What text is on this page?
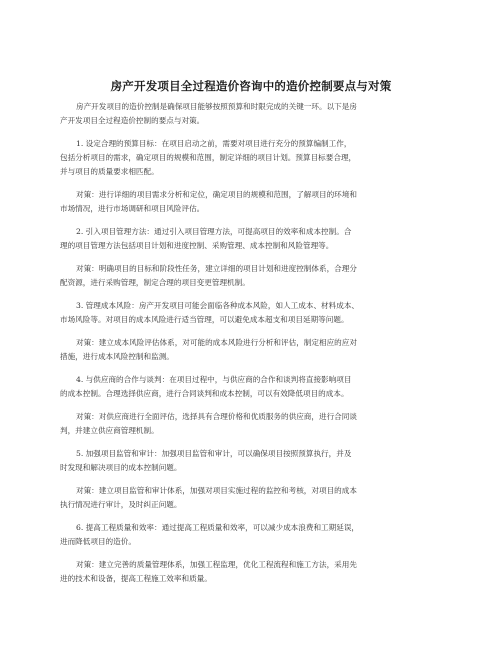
房产开发项目全过程造价咨询中的造价控制要点与对策

房产开发项目的造价控制是确保项目能够按照预算和时限完成的关键一环。以下是房
产开发项目全过程造价控制的要点与对策。

1. 设定合理的预算目标：在项目启动之前，需要对项目进行充分的预算编制工作，
包括分析项目的需求，确定项目的规模和范围，制定详细的项目计划。预算目标要合理，
并与项目的质量要求相匹配。

对策：进行详细的项目需求分析和定位，确定项目的规模和范围，了解项目的环境和
市场情况，进行市场调研和项目风险评估。

2. 引入项目管理方法：通过引入项目管理方法，可提高项目的效率和成本控制。合
理的项目管理方法包括项目计划和进度控制、采购管理、成本控制和风险管理等。

对策：明确项目的目标和阶段性任务，建立详细的项目计划和进度控制体系，合理分
配资源，进行采购管理，制定合理的项目变更管理机制。

3. 管理成本风险：房产开发项目可能会面临各种成本风险，如人工成本、材料成本、
市场风险等。对项目的成本风险进行适当管理，可以避免成本超支和项目延期等问题。

对策：建立成本风险评估体系，对可能的成本风险进行分析和评估，制定相应的应对
措施，进行成本风险控制和监测。

4. 与供应商的合作与谈判：在项目过程中，与供应商的合作和谈判将直接影响项目
的成本控制。合理选择供应商，进行合同谈判和成本控制，可以有效降低项目的成本。

对策：对供应商进行全面评估，选择具有合理价格和优质服务的供应商，进行合同谈
判，并建立供应商管理机制。

5. 加强项目监管和审计：加强项目监管和审计，可以确保项目按照预算执行，并及
时发现和解决项目的成本控制问题。

对策：建立项目监管和审计体系，加强对项目实施过程的监控和考核，对项目的成本
执行情况进行审计，及时纠正问题。

6. 提高工程质量和效率：通过提高工程质量和效率，可以减少成本浪费和工期延误，
进而降低项目的造价。

对策：建立完善的质量管理体系，加强工程监理，优化工程流程和施工方法，采用先
进的技术和设备，提高工程施工效率和质量。
